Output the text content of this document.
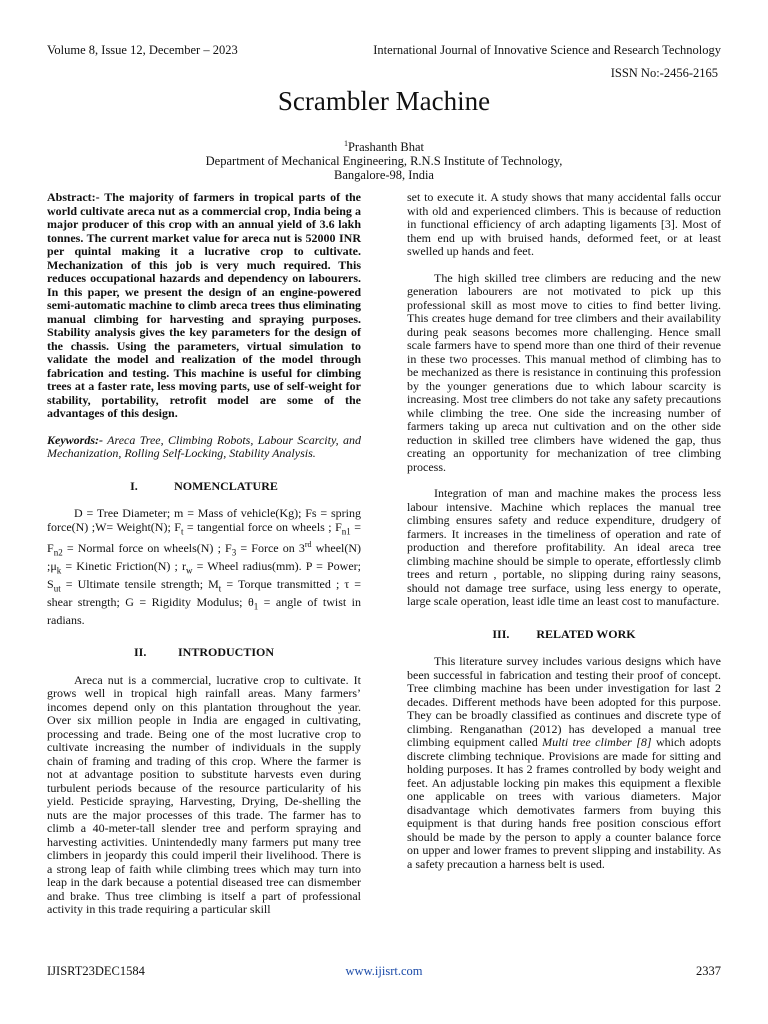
Volume 8, Issue 12, December – 2023	International Journal of Innovative Science and Research Technology
ISSN No:-2456-2165
Scrambler Machine
$^1$Prashanth Bhat
Department of Mechanical Engineering, R.N.S Institute of Technology,
Bangalore-98, India

Abstract:- The majority of farmers in tropical parts of the world cultivate areca nut as a commercial crop, India being a major producer of this crop with an annual yield of 3.6 lakh tonnes. The current market value for areca nut is 52000 INR per quintal making it a lucrative crop to cultivate. Mechanization of this job is very much required. This reduces occupational hazards and dependency on labourers. In this paper, we present the design of an engine-powered semi-automatic machine to climb areca trees thus eliminating manual climbing for harvesting and spraying purposes. Stability analysis gives the key parameters for the design of the chassis. Using the parameters, virtual simulation to validate the model and realization of the model through fabrication and testing. This machine is useful for climbing trees at a faster rate, less moving parts, use of self-weight for stability, portability, retrofit model are some of the advantages of this design.

Keywords:- Areca Tree, Climbing Robots, Labour Scarcity, and Mechanization, Rolling Self-Locking, Stability Analysis.

I.	NOMENCLATURE

D = Tree Diameter; m = Mass of vehicle(Kg); Fs = spring force(N) ;W= Weight(N); $F_t$ = tangential force on wheels ; $F_{n1} = F_{n2}$ = Normal force on wheels(N) ; $F_3$ = Force on 3rd wheel(N) $;\mu_k$ = Kinetic Friction(N) ; $r_w$ = Wheel radius(mm). P = Power; $S_{ut}$ = Ultimate tensile strength; $M_t$ = Torque transmitted ; τ = shear strength; G = Rigidity Modulus; $\theta_1$ = angle of twist in radians.

II.	INTRODUCTION

Areca nut is a commercial, lucrative crop to cultivate. It grows well in tropical high rainfall areas. Many farmers’ incomes depend only on this plantation throughout the year. Over six million people in India are engaged in cultivating, processing and trade. Being one of the most lucrative crop to cultivate increasing the number of individuals in the supply chain of framing and trading of this crop. Where the farmer is not at advantage position to substitute harvests even during turbulent periods because of the resource particularity of his yield. Pesticide spraying, Harvesting, Drying, De-shelling the nuts are the major processes of this trade. The farmer has to climb a 40-meter-tall slender tree and perform spraying and harvesting activities. Unintendedly many farmers put many tree climbers in jeopardy this could imperil their livelihood. There is a strong leap of faith while climbing trees which may turn into leap in the dark because a potential diseased tree can dismember and brake. Thus tree climbing is itself a part of professional activity in this trade requiring a particular skill

set to execute it. A study shows that many accidental falls occur with old and experienced climbers. This is because of reduction in functional efficiency of arch adapting ligaments [3]. Most of them end up with bruised hands, deformed feet, or at least swelled up hands and feet.

The high skilled tree climbers are reducing and the new generation labourers are not motivated to pick up this professional skill as most move to cities to find better living. This creates huge demand for tree climbers and their availability during peak seasons becomes more challenging. Hence small scale farmers have to spend more than one third of their revenue in these two processes. This manual method of climbing has to be mechanized as there is resistance in continuing this profession by the younger generations due to which labour scarcity is increasing. Most tree climbers do not take any safety precautions while climbing the tree. One side the increasing number of farmers taking up areca nut cultivation and on the other side reduction in skilled tree climbers have widened the gap, thus creating an opportunity for mechanization of tree climbing process.

Integration of man and machine makes the process less labour intensive. Machine which replaces the manual tree climbing ensures safety and reduce expenditure, drudgery of farmers. It increases in the timeliness of operation and rate of production and therefore profitability. An ideal areca tree climbing machine should be simple to operate, effortlessly climb trees and return , portable, no slipping during rainy seasons, should not damage tree surface, using less energy to operate, large scale operation, least idle time an least cost to manufacture.

III. RELATED WORK

This literature survey includes various designs which have been successful in fabrication and testing their proof of concept. Tree climbing machine has been under investigation for last 2 decades. Different methods have been adopted for this purpose. They can be broadly classified as continues and discrete type of climbing. Renganathan (2012) has developed a manual tree climbing equipment called Multi tree climber [8] which adopts discrete climbing technique. Provisions are made for sitting and holding purposes. It has 2 frames controlled by body weight and feet. An adjustable locking pin makes this equipment a flexible one applicable on trees with various diameters. Major disadvantage which demotivates farmers from buying this equipment is that during hands free position conscious effort should be made by the person to apply a counter balance force on upper and lower frames to prevent slipping and instability. As a safety precaution a harness belt is used.

IJISRT23DEC1584	www.ijisrt.com	2337
